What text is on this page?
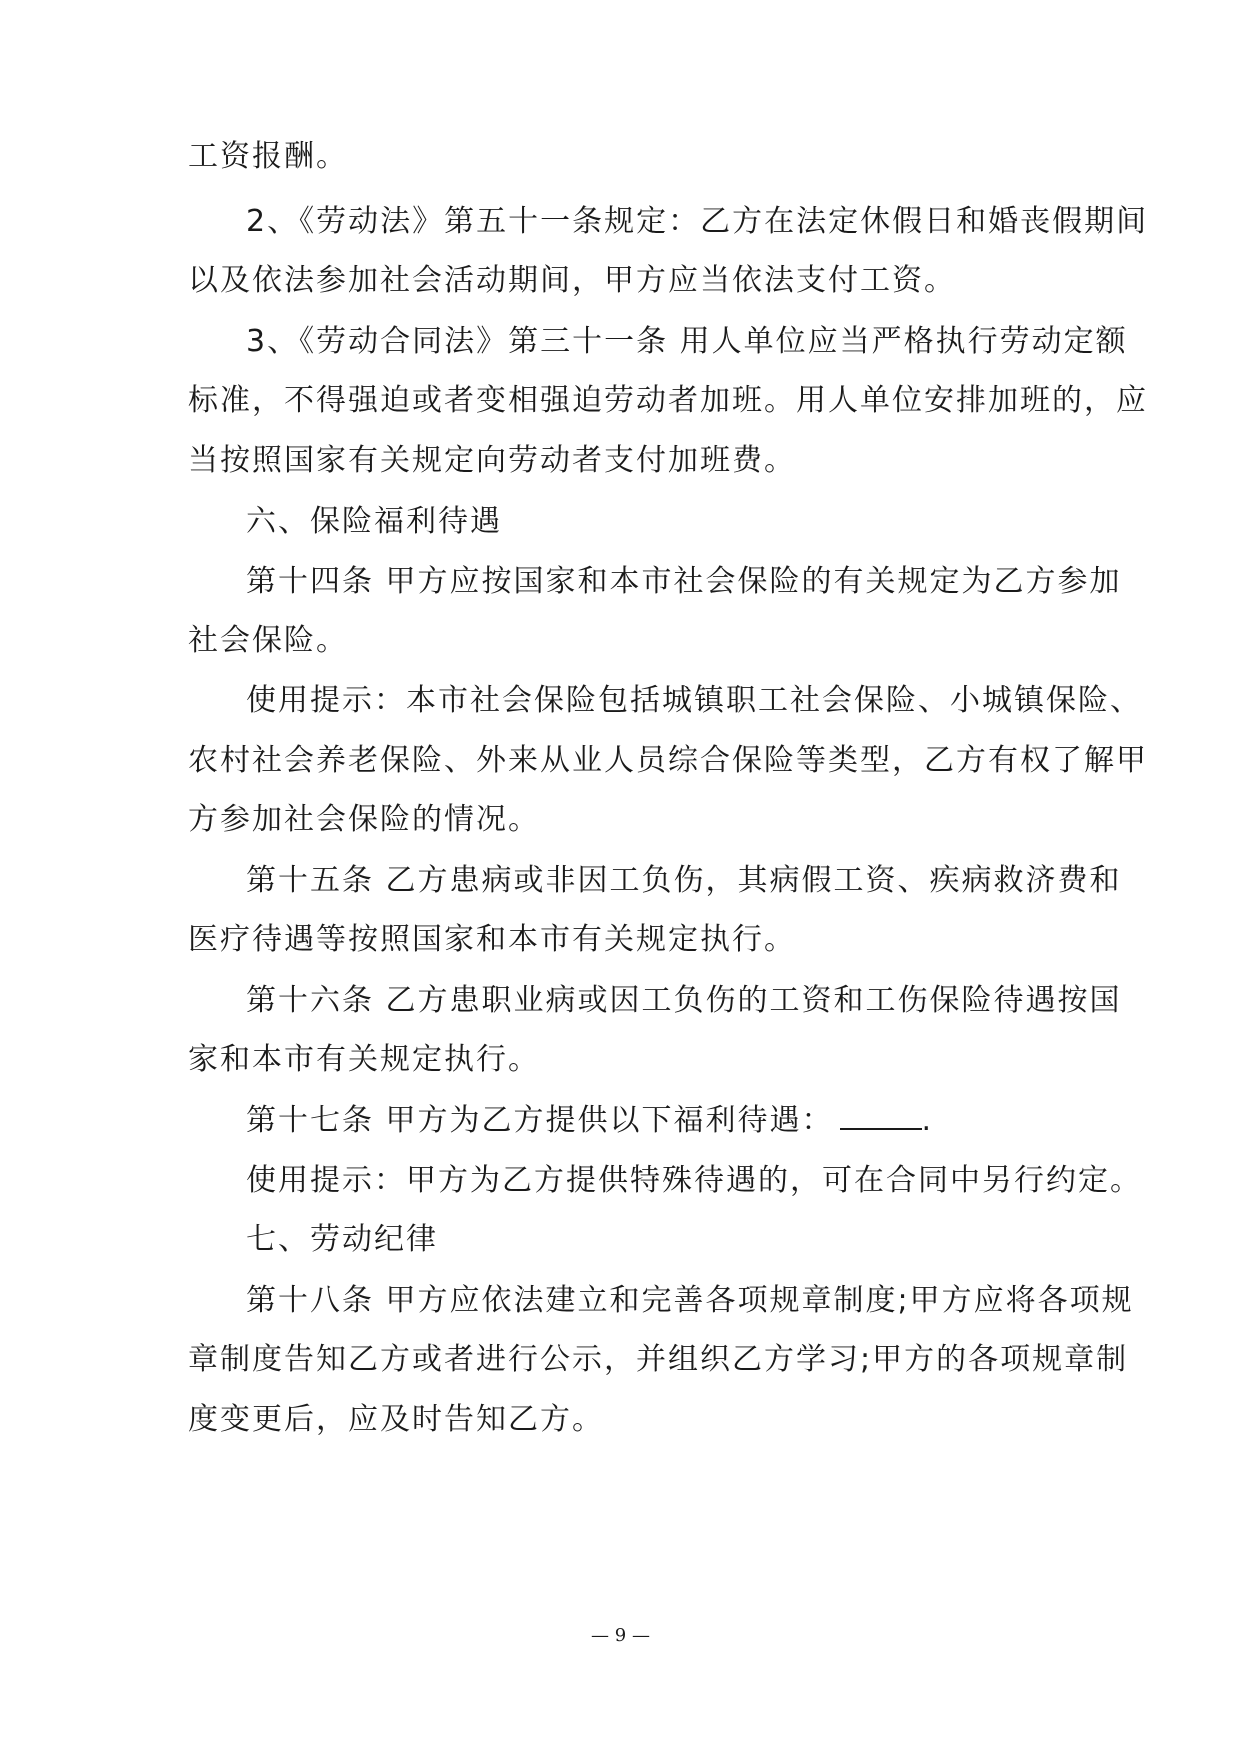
工资报酬。
2、《劳动法》第五十一条规定：乙方在法定休假日和婚丧假期间
以及依法参加社会活动期间，甲方应当依法支付工资。
3、《劳动合同法》第三十一条 用人单位应当严格执行劳动定额
标准，不得强迫或者变相强迫劳动者加班。用人单位安排加班的，应
当按照国家有关规定向劳动者支付加班费。
六、保险福利待遇
第十四条 甲方应按国家和本市社会保险的有关规定为乙方参加
社会保险。
使用提示：本市社会保险包括城镇职工社会保险、小城镇保险、
农村社会养老保险、外来从业人员综合保险等类型，乙方有权了解甲
方参加社会保险的情况。
第十五条 乙方患病或非因工负伤，其病假工资、疾病救济费和
医疗待遇等按照国家和本市有关规定执行。
第十六条 乙方患职业病或因工负伤的工资和工伤保险待遇按国
家和本市有关规定执行。
第十七条 甲方为乙方提供以下福利待遇：	.
使用提示：甲方为乙方提供特殊待遇的，可在合同中另行约定。
七、劳动纪律
第十八条 甲方应依法建立和完善各项规章制度;甲方应将各项规
章制度告知乙方或者进行公示，并组织乙方学习;甲方的各项规章制
度变更后，应及时告知乙方。
— 9 —
